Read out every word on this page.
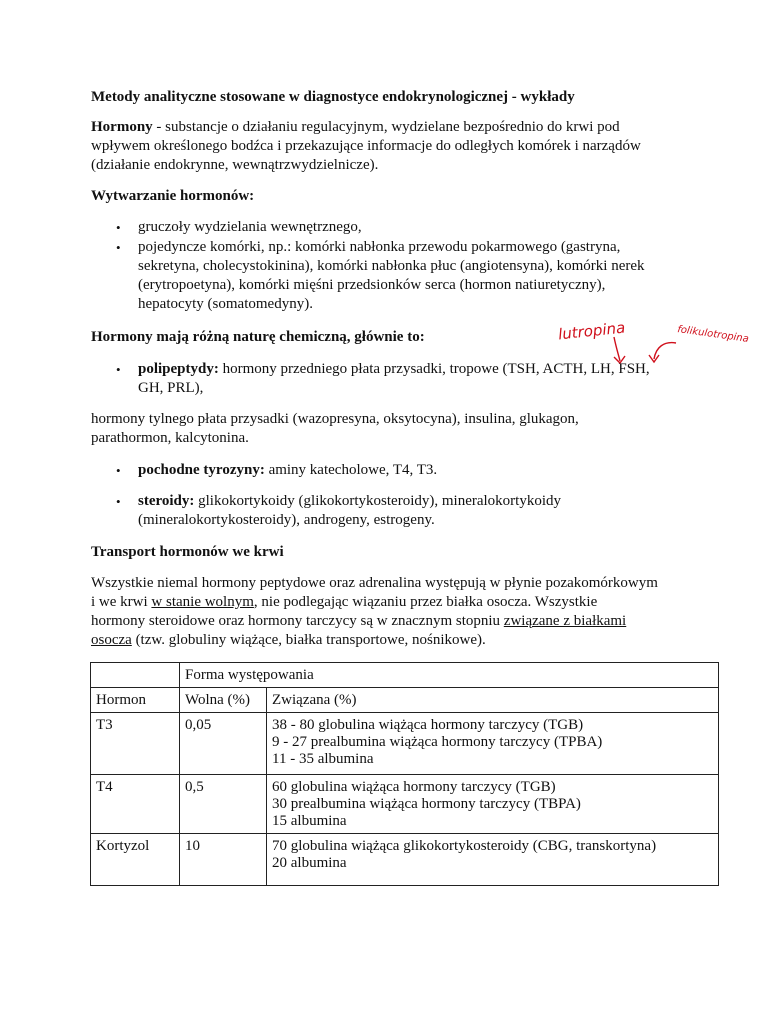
Metody analityczne stosowane w diagnostyce endokrynologicznej - wykłady

Hormony - substancje o działaniu regulacyjnym, wydzielane bezpośrednio do krwi pod
wpływem określonego bodźca i przekazujące informacje do odległych komórek i narządów
(działanie endokrynne, wewnątrzwydzielnicze).

Wytwarzanie hormonów:

• gruczoły wydzielania wewnętrznego,
• pojedyncze komórki, np.: komórki nabłonka przewodu pokarmowego (gastryna,
sekretyna, cholecystokinina), komórki nabłonka płuc (angiotensyna), komórki nerek
(erytropoetyna), komórki mięśni przedsionków serca (hormon natiuretyczny),
hepatocyty (somatomedyny).

Hormony mają różną naturę chemiczną, głównie to:	lutropina	folikulotropina
• polipeptydy: hormony przedniego płata przysadki, tropowe (TSH, ACTH, LH, FSH,
GH, PRL),

hormony tylnego płata przysadki (wazopresyna, oksytocyna), insulina, glukagon,
parathormon, kalcytonina.

• pochodne tyrozyny: aminy katecholowe, T4, T3.
• steroidy: glikokortykoidy (glikokortykosteroidy), mineralokortykoidy
(mineralokortykosteroidy), androgeny, estrogeny.

Transport hormonów we krwi

Wszystkie niemal hormony peptydowe oraz adrenalina występują w płynie pozakomórkowym
i we krwi w stanie wolnym, nie podlegając wiązaniu przez białka osocza. Wszystkie
hormony steroidowe oraz hormony tarczycy są w znacznym stopniu związane z białkami
osocza (tzw. globuliny wiążące, białka transportowe, nośnikowe).

	Forma występowania	
Hormon	Wolna (%)	Związana (%)
T3	0,05	38 - 80 globulina wiążąca hormony tarczycy (TGB)
9 - 27 prealbumina wiążąca hormony tarczycy (TPBA)
11 - 35 albumina

T4	0,5	60 globulina wiążąca hormony tarczycy (TGB)
30 prealbumina wiążąca hormony tarczycy (TBPA)
15 albumina

Kortyzol	10	70 globulina wiążąca glikokortykosteroidy (CBG, transkortyna)
20 albumina
